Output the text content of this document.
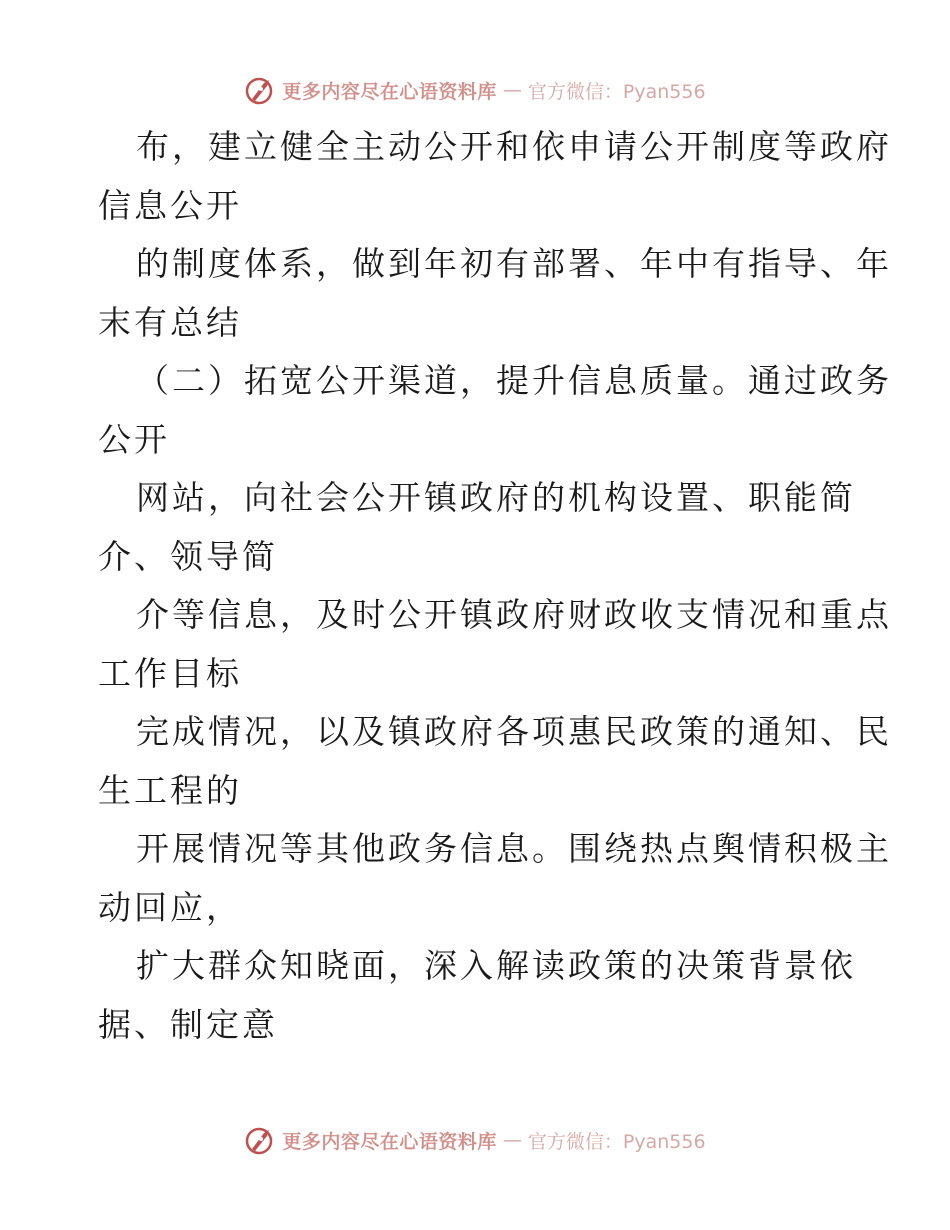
更多内容尽在心语资料库 — 官方微信：Pyan556
布，建立健全主动公开和依申请公开制度等政府
信息公开
的制度体系，做到年初有部署、年中有指导、年
末有总结
（二）拓宽公开渠道，提升信息质量。通过政务
公开
网站，向社会公开镇政府的机构设置、职能简
介、领导简
介等信息，及时公开镇政府财政收支情况和重点
工作目标
完成情况，以及镇政府各项惠民政策的通知、民
生工程的
开展情况等其他政务信息。围绕热点舆情积极主
动回应，
扩大群众知晓面，深入解读政策的决策背景依
据、制定意
更多内容尽在心语资料库 — 官方微信：Pyan556
